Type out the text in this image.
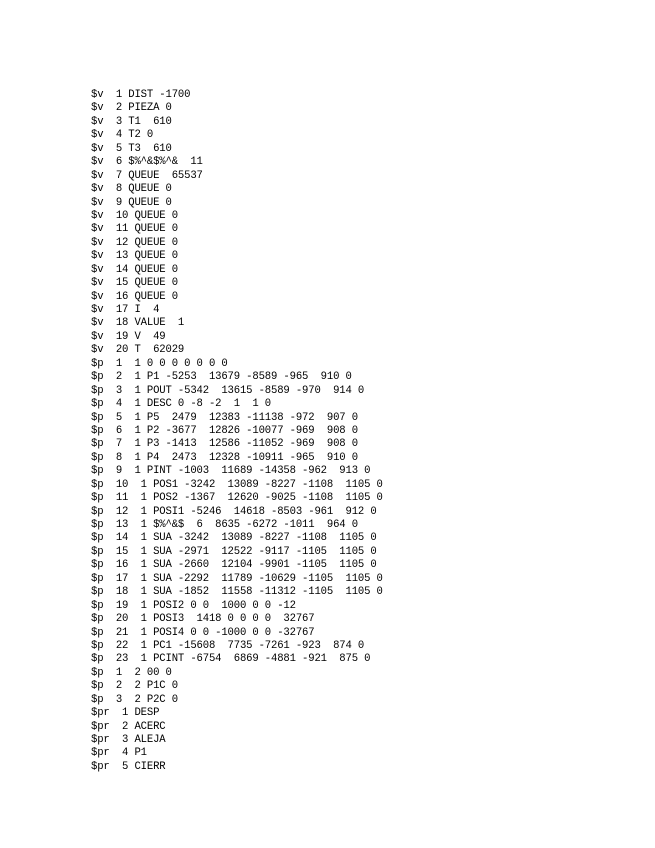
$v  1 DIST -1700
$v  2 PIEZA 0
$v  3 T1  610
$v  4 T2 0
$v  5 T3  610
$v  6 $%^&$%^&  11
$v  7 QUEUE  65537
$v  8 QUEUE 0
$v  9 QUEUE 0
$v  10 QUEUE 0
$v  11 QUEUE 0
$v  12 QUEUE 0
$v  13 QUEUE 0
$v  14 QUEUE 0
$v  15 QUEUE 0
$v  16 QUEUE 0
$v  17 I  4
$v  18 VALUE  1
$v  19 V  49
$v  20 T  62029
$p  1  1 0 0 0 0 0 0 0
$p  2  1 P1 -5253  13679 -8589 -965  910 0
$p  3  1 POUT -5342  13615 -8589 -970  914 0
$p  4  1 DESC 0 -8 -2  1  1 0
$p  5  1 P5  2479  12383 -11138 -972  907 0
$p  6  1 P2 -3677  12826 -10077 -969  908 0
$p  7  1 P3 -1413  12586 -11052 -969  908 0
$p  8  1 P4  2473  12328 -10911 -965  910 0
$p  9  1 PINT -1003  11689 -14358 -962  913 0
$p  10  1 POS1 -3242  13089 -8227 -1108  1105 0
$p  11  1 POS2 -1367  12620 -9025 -1108  1105 0
$p  12  1 POSI1 -5246  14618 -8503 -961  912 0
$p  13  1 $%^&$  6  8635 -6272 -1011  964 0
$p  14  1 SUA -3242  13089 -8227 -1108  1105 0
$p  15  1 SUA -2971  12522 -9117 -1105  1105 0
$p  16  1 SUA -2660  12104 -9901 -1105  1105 0
$p  17  1 SUA -2292  11789 -10629 -1105  1105 0
$p  18  1 SUA -1852  11558 -11312 -1105  1105 0
$p  19  1 POSI2 0 0  1000 0 0 -12
$p  20  1 POSI3  1418 0 0 0 0  32767
$p  21  1 POSI4 0 0 -1000 0 0 -32767
$p  22  1 PC1 -15608  7735 -7261 -923  874 0
$p  23  1 PCINT -6754  6869 -4881 -921  875 0
$p  1  2 00 0
$p  2  2 P1C 0
$p  3  2 P2C 0
$pr  1 DESP
$pr  2 ACERC
$pr  3 ALEJA
$pr  4 P1
$pr  5 CIERR
